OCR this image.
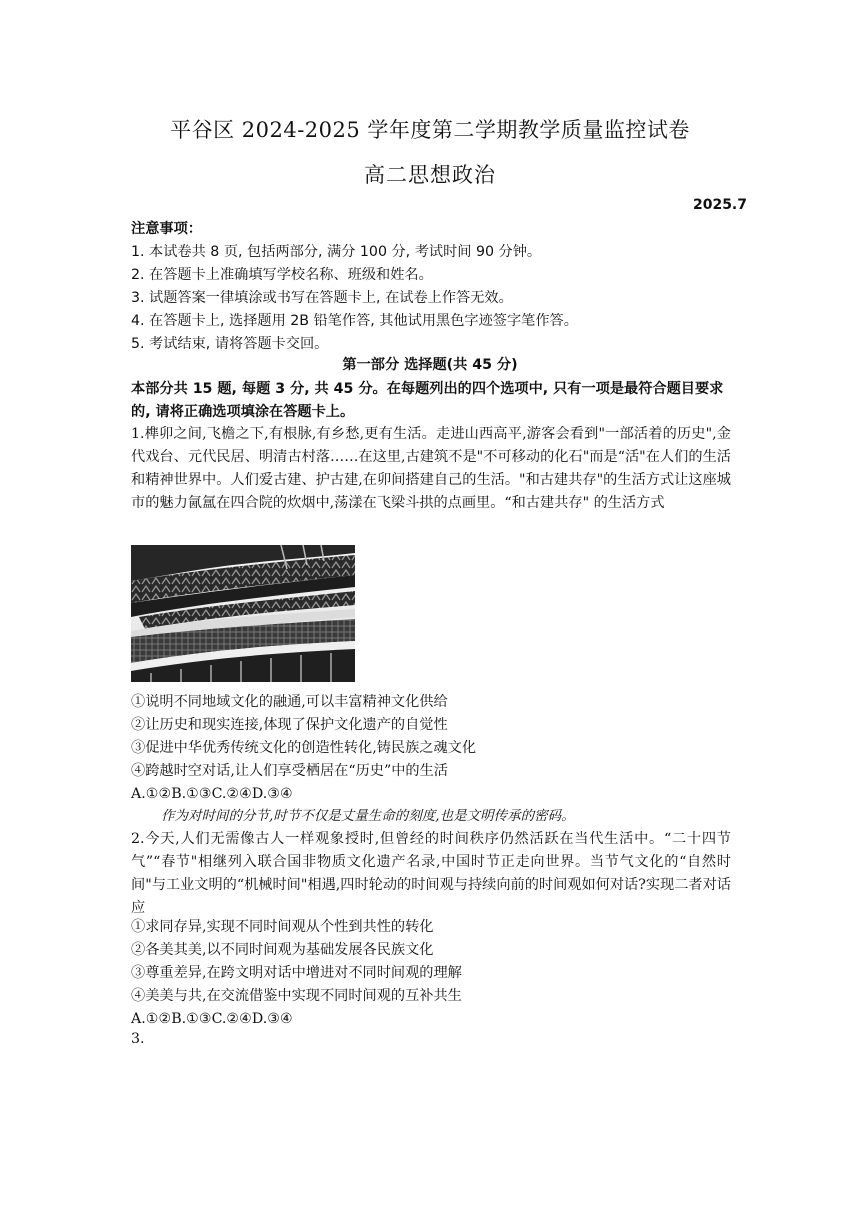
平谷区 2024-2025 学年度第二学期教学质量监控试卷
高二思想政治
2025.7
注意事项：
1. 本试卷共 8 页, 包括两部分, 满分 100 分, 考试时间 90 分钟。
2. 在答题卡上准确填写学校名称、班级和姓名。
3. 试题答案一律填涂或书写在答题卡上, 在试卷上作答无效。
4. 在答题卡上, 选择题用 2B 铅笔作答, 其他试用黑色字迹签字笔作答。
5. 考试结束, 请将答题卡交回。
第一部分 选择题(共 45 分)
本部分共 15 题, 每题 3 分, 共 45 分。在每题列出的四个选项中, 只有一项是最符合题目要求的, 请将正确选项填涂在答题卡上。
1.榫卯之间,飞檐之下,有根脉,有乡愁,更有生活。走进山西高平,游客会看到"一部活着的历史",金代戏台、元代民居、明清古村落……在这里,古建筑不是"不可移动的化石"而是“活"在人们的生活和精神世界中。人们爱古建、护古建,在卯间搭建自己的生活。"和古建共存"的生活方式让这座城市的魅力氤氲在四合院的炊烟中,荡漾在飞梁斗拱的点画里。“和古建共存" 的生活方式
①说明不同地域文化的融通,可以丰富精神文化供给
②让历史和现实连接,体现了保护文化遗产的自觉性
③促进中华优秀传统文化的创造性转化,铸民族之魂文化
④跨越时空对话,让人们享受栖居在“历史”中的生活
A.①②B.①③C.②④D.③④
作为对时间的分节,时节不仅是丈量生命的刻度,也是文明传承的密码。
2.今天,人们无需像古人一样观象授时,但曾经的时间秩序仍然活跃在当代生活中。“二十四节气”“春节"相继列入联合国非物质文化遗产名录,中国时节正走向世界。当节气文化的“自然时间"与工业文明的“机械时间"相遇,四时轮动的时间观与持续向前的时间观如何对话?实现二者对话应
①求同存异,实现不同时间观从个性到共性的转化
②各美其美,以不同时间观为基础发展各民族文化
③尊重差异,在跨文明对话中增进对不同时间观的理解
④美美与共,在交流借鉴中实现不同时间观的互补共生
A.①②B.①③C.②④D.③④
3.
